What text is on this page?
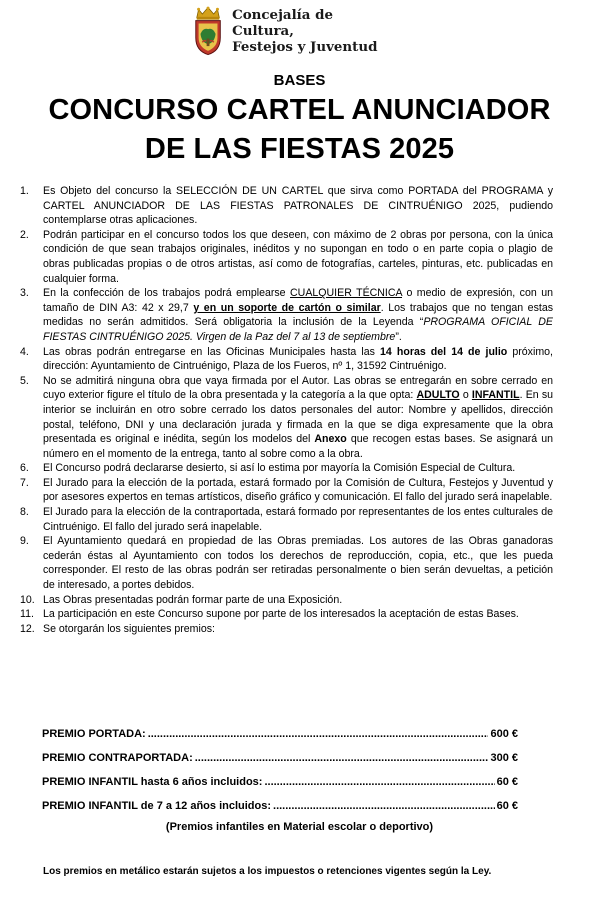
Concejalía de Cultura,
Festejos y Juventud
BASES
CONCURSO CARTEL ANUNCIADOR
DE LAS FIESTAS 2025
1. Es Objeto del concurso la SELECCIÓN DE UN CARTEL que sirva como PORTADA del PROGRAMA y CARTEL ANUNCIADOR DE LAS FIESTAS PATRONALES DE CINTRUÉNIGO 2025, pudiendo contemplarse otras aplicaciones.
2. Podrán participar en el concurso todos los que deseen, con máximo de 2 obras por persona, con la única condición de que sean trabajos originales, inéditos y no supongan en todo o en parte copia o plagio de obras publicadas propias o de otros artistas, así como de fotografías, carteles, pinturas, etc. publicadas en cualquier forma.
3. En la confección de los trabajos podrá emplearse CUALQUIER TÉCNICA o medio de expresión, con un tamaño de DIN A3: 42 x 29,7 y en un soporte de cartón o similar. Los trabajos que no tengan estas medidas no serán admitidos. Será obligatoria la inclusión de la Leyenda “PROGRAMA OFICIAL DE FIESTAS CINTRUÉNIGO 2025. Virgen de la Paz del 7 al 13 de septiembre”.
4. Las obras podrán entregarse en las Oficinas Municipales hasta las 14 horas del 14 de julio próximo, dirección: Ayuntamiento de Cintruénigo, Plaza de los Fueros, nº 1, 31592 Cintruénigo.
5. No se admitirá ninguna obra que vaya firmada por el Autor. Las obras se entregarán en sobre cerrado en cuyo exterior figure el título de la obra presentada y la categoría a la que opta: ADULTO o INFANTIL. En su interior se incluirán en otro sobre cerrado los datos personales del autor: Nombre y apellidos, dirección postal, teléfono, DNI y una declaración jurada y firmada en la que se diga expresamente que la obra presentada es original e inédita, según los modelos del Anexo que recogen estas bases. Se asignará un número en el momento de la entrega, tanto al sobre como a la obra.
6. El Concurso podrá declararse desierto, si así lo estima por mayoría la Comisión Especial de Cultura.
7. El Jurado para la elección de la portada, estará formado por la Comisión de Cultura, Festejos y Juventud y por asesores expertos en temas artísticos, diseño gráfico y comunicación. El fallo del jurado será inapelable.
8. El Jurado para la elección de la contraportada, estará formado por representantes de los entes culturales de Cintruénigo. El fallo del jurado será inapelable.
9. El Ayuntamiento quedará en propiedad de las Obras premiadas. Los autores de las Obras ganadoras cederán éstas al Ayuntamiento con todos los derechos de reproducción, copia, etc., que les pueda corresponder. El resto de las obras podrán ser retiradas personalmente o bien serán devueltas, a petición de interesado, a portes debidos.
10. Las Obras presentadas podrán formar parte de una Exposición.
11. La participación en este Concurso supone por parte de los interesados la aceptación de estas Bases.
12. Se otorgarán los siguientes premios:
PREMIO PORTADA: .....	600 €
PREMIO CONTRAPORTADA: .....	300 €
PREMIO INFANTIL hasta 6 años incluidos: .....	60 €
PREMIO INFANTIL de 7 a 12 años incluidos: .....	60 €
(Premios infantiles en Material escolar o deportivo)
Los premios en metálico estarán sujetos a los impuestos o retenciones vigentes según la Ley.
